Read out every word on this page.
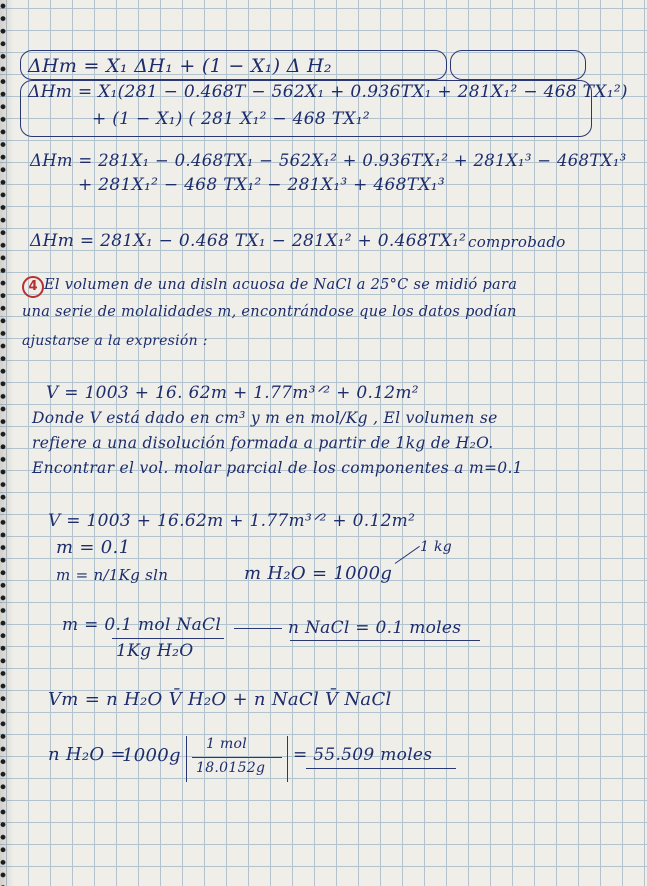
ΔHm = X₁ ΔH₁ + (1 − X₁) Δ H₂
ΔHm = X₁(281 − 0.468T − 562X₁ + 0.936TX₁ + 281X₁² − 468 TX₁²)
+ (1 − X₁) ( 281 X₁² − 468 TX₁²
ΔHm = 281X₁ − 0.468TX₁ − 562X₁² + 0.936TX₁² + 281X₁³ − 468TX₁³
+ 281X₁² − 468 TX₁² − 281X₁³ + 468TX₁³
ΔHm = 281X₁ − 0.468 TX₁ − 281X₁² + 0.468TX₁² comprobado
4 El volumen de una disln acuosa de NaCl a 25°C se midió para
una serie de molalidades m, encontrándose que los datos podían
ajustarse a la expresión :
V = 1003 + 16. 62m + 1.77m³ᐟ² + 0.12m²
Donde V está dado en cm³ y m en mol/Kg , El volumen se
refiere a una disolución formada a partir de 1kg de H₂O.
Encontrar el vol. molar parcial de los componentes a m=0.1
V = 1003 + 16.62m + 1.77m³ᐟ² + 0.12m²
m = 0.1
m = n/1Kg sln	m H₂O = 1000g
1 kg
m = 0.1 mol NaCl
1Kg H₂O
n NaCl = 0.1 moles
Vт = n H₂O V̄ H₂O + n NaCl V̄ NaCl
n H₂O =
1000g
1 mol
18.0152g
= 55.509 moles
